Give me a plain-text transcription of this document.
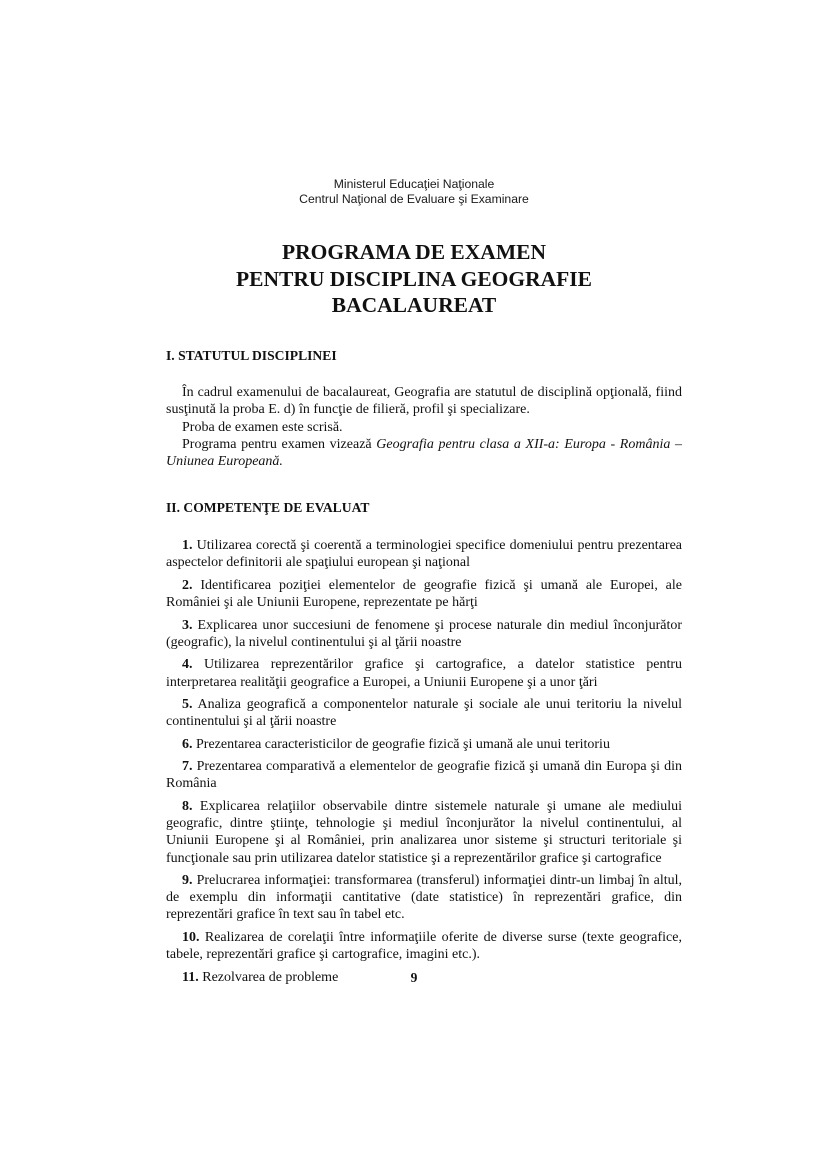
Ministerul Educaţiei Naţionale
Centrul Naţional de Evaluare şi Examinare
PROGRAMA DE EXAMEN
PENTRU DISCIPLINA GEOGRAFIE
BACALAUREAT

I. STATUTUL DISCIPLINEI

În cadrul examenului de bacalaureat, Geografia are statutul de disciplină opţională, fiind susţinută la proba E. d) în funcţie de filieră, profil şi specializare.

Proba de examen este scrisă.

Programa pentru examen vizează Geografia pentru clasa a XII-a: Europa - România – Uniunea Europeană.

II. COMPETENŢE DE EVALUAT

1. Utilizarea corectă şi coerentă a terminologiei specifice domeniului pentru prezentarea aspectelor definitorii ale spaţiului european şi naţional
2. Identificarea poziţiei elementelor de geografie fizică şi umană ale Europei, ale României şi ale Uniunii Europene, reprezentate pe hărţi
3. Explicarea unor succesiuni de fenomene şi procese naturale din mediul înconjurător (geografic), la nivelul continentului şi al ţării noastre
4. Utilizarea reprezentărilor grafice şi cartografice, a datelor statistice pentru interpretarea realităţii geografice a Europei, a Uniunii Europene şi a unor ţări
5. Analiza geografică a componentelor naturale şi sociale ale unui teritoriu la nivelul continentului şi al ţării noastre
6. Prezentarea caracteristicilor de geografie fizică şi umană ale unui teritoriu
7. Prezentarea comparativă a elementelor de geografie fizică şi umană din Europa şi din România
8. Explicarea relaţiilor observabile dintre sistemele naturale şi umane ale mediului geografic, dintre ştiinţe, tehnologie şi mediul înconjurător la nivelul continentului, al Uniunii Europene şi al României, prin analizarea unor sisteme şi structuri teritoriale şi funcţionale sau prin utilizarea datelor statistice şi a reprezentărilor grafice şi cartografice
9. Prelucrarea informaţiei: transformarea (transferul) informaţiei dintr-un limbaj în altul, de exemplu din informaţii cantitative (date statistice) în reprezentări grafice, din reprezentări grafice în text sau în tabel etc.
10. Realizarea de corelaţii între informaţiile oferite de diverse surse (texte geografice, tabele, reprezentări grafice şi cartografice, imagini etc.).
11. Rezolvarea de probleme	9
